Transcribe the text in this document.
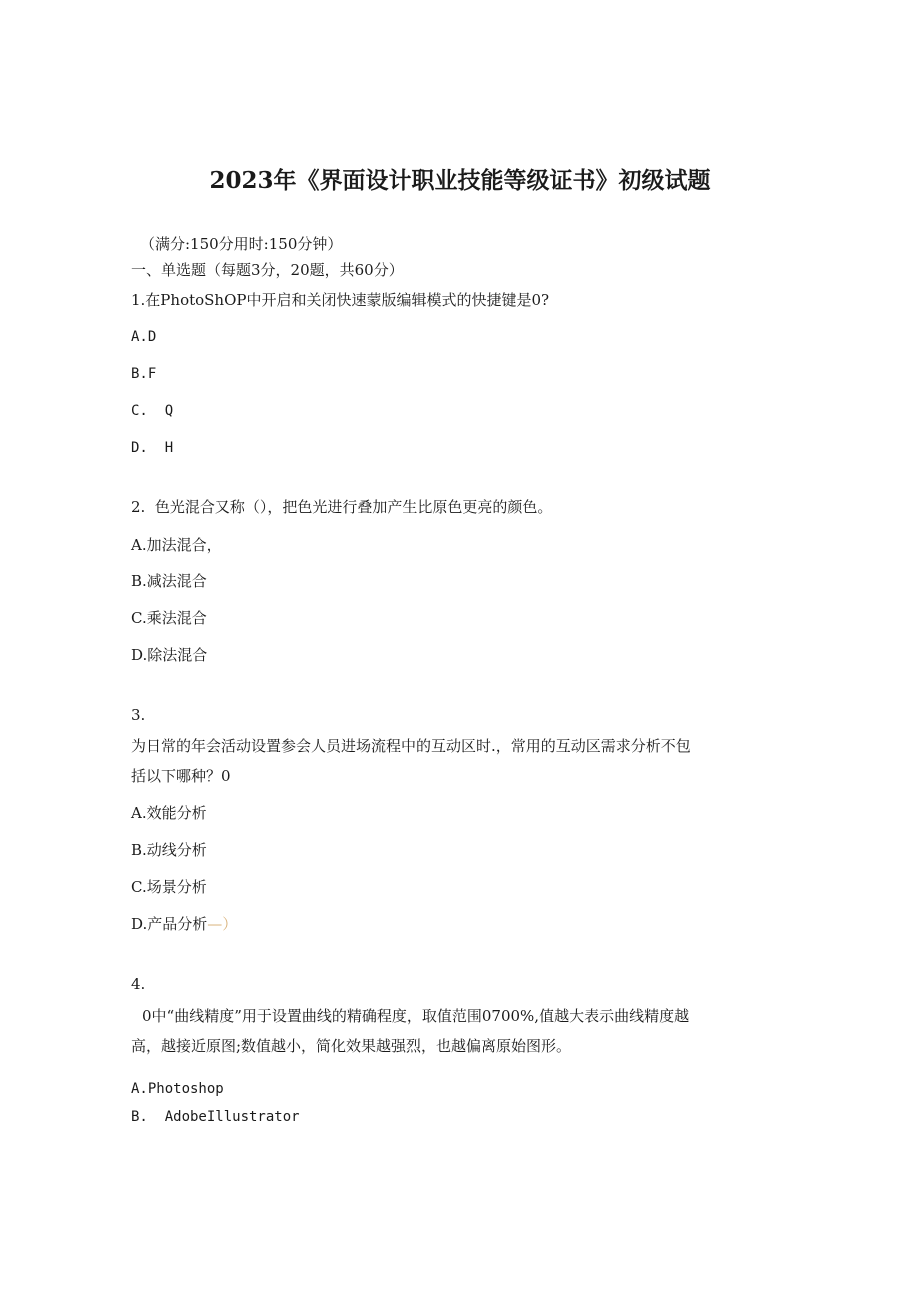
2023年《界面设计职业技能等级证书》初级试题
（满分:150分用时:150分钟）
一、单选题（每题3分，20题，共60分）
1.在PhotoShOP中开启和关闭快速蒙版编辑模式的快捷键是0?
A.D
B.F
C.  Q
D.  H
2.  色光混合又称（），把色光进行叠加产生比原色更亮的颜色。
A.加法混合，
B.减法混合
C.乘法混合
D.除法混合
3.
为日常的年会活动设置参会人员进场流程中的互动区时.，常用的互动区需求分析不包
括以下哪种？0
A.效能分析
B.动线分析
C.场景分析
D.产品分析—）
4.
0中“曲线精度”用于设置曲线的精确程度，取值范围0700%,值越大表示曲线精度越
高，越接近原图;数值越小，简化效果越强烈，也越偏离原始图形。
A.Photoshop
B.  AdobeIllustrator
